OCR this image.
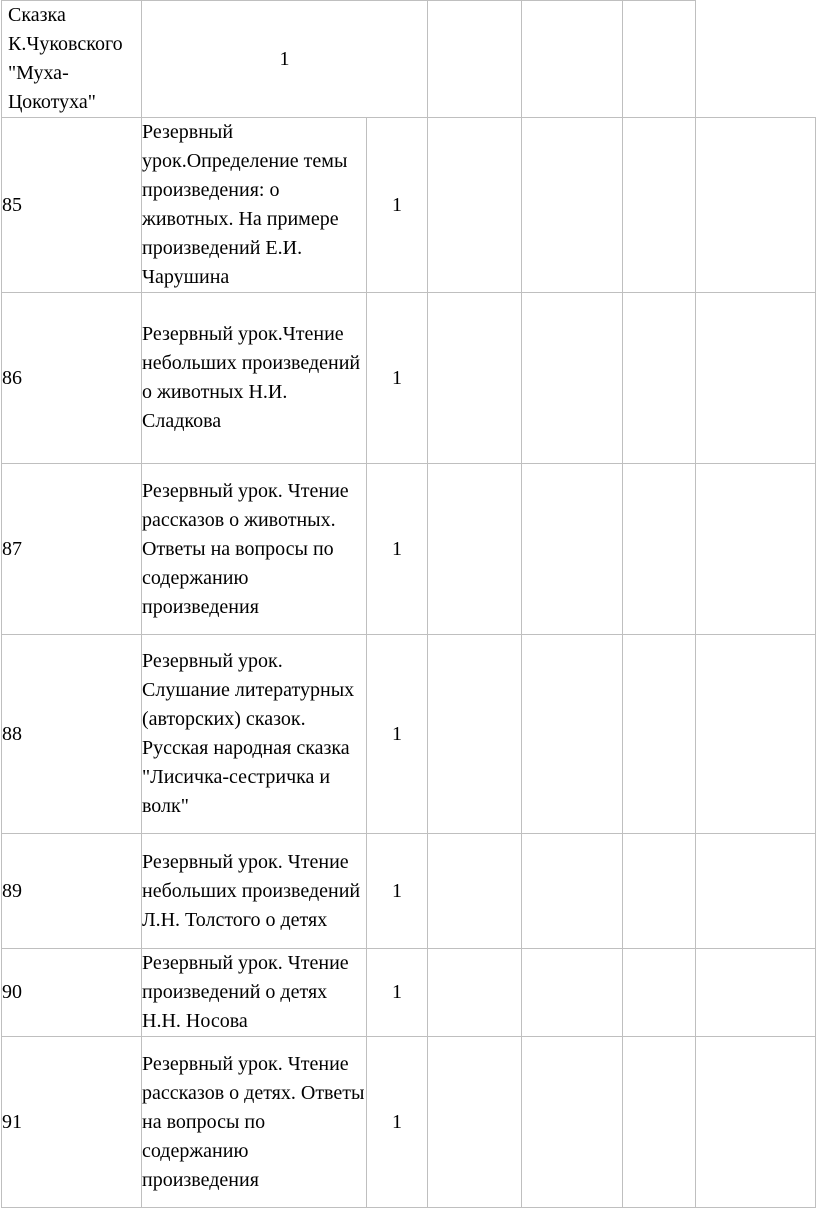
Сказка К.Чуковского "Муха-Цокотуха"	1					
85	Резервный урок.Определение темы произведения: о животных. На примере произведений Е.И. Чарушина	1				
86	Резервный урок.Чтение небольших произведений о животных Н.И. Сладкова	1				
87	Резервный урок. Чтение рассказов о животных. Ответы на вопросы по содержанию произведения	1				
88	Резервный урок. Слушание литературных (авторских) сказок. Русская народная сказка "Лисичка-сестричка и волк"	1				
89	Резервный урок. Чтение небольших произведений Л.Н. Толстого о детях	1				
90	Резервный урок. Чтение произведений о детях Н.Н. Носова	1				
91	Резервный урок. Чтение рассказов о детях. Ответы на вопросы по содержанию произведения	1				
